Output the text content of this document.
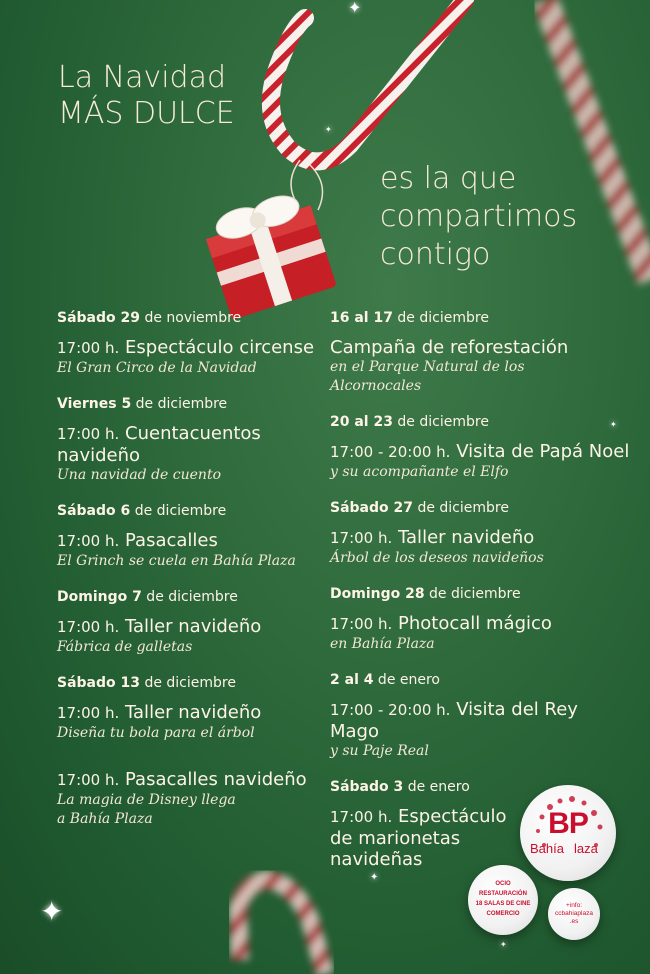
✦
✦
✦
✦
✦
✦
La Navidad
MÁS DULCE
es la que
compartimos
contigo
Sábado 29 de noviembre
17:00 h. Espectáculo circense
El Gran Circo de la Navidad
Viernes 5 de diciembre
17:00 h. Cuentacuentos
navideño
Una navidad de cuento
Sábado 6 de diciembre
17:00 h. Pasacalles
El Grinch se cuela en Bahía Plaza
Domingo 7 de diciembre
17:00 h. Taller navideño
Fábrica de galletas
Sábado 13 de diciembre
17:00 h. Taller navideño
Diseña tu bola para el árbol
17:00 h. Pasacalles navideño
La magia de Disney llega
a Bahía Plaza
16 al 17 de diciembre
Campaña de reforestación
en el Parque Natural de los
Alcornocales
20 al 23 de diciembre
17:00 - 20:00 h. Visita de Papá Noel
y su acompañante el Elfo
Sábado 27 de diciembre
17:00 h. Taller navideño
Árbol de los deseos navideños
Domingo 28 de diciembre
17:00 h. Photocall mágico
en Bahía Plaza
2 al 4 de enero
17:00 - 20:00 h. Visita del Rey Mago
y su Paje Real
Sábado 3 de enero
17:00 h. Espectáculo
de marionetas
navideñas
BP
Bahía laza
OCIO
RESTAURACIÓN
18 SALAS DE CINE
COMERCIO
+info:
ccbahiaplaza
.es
